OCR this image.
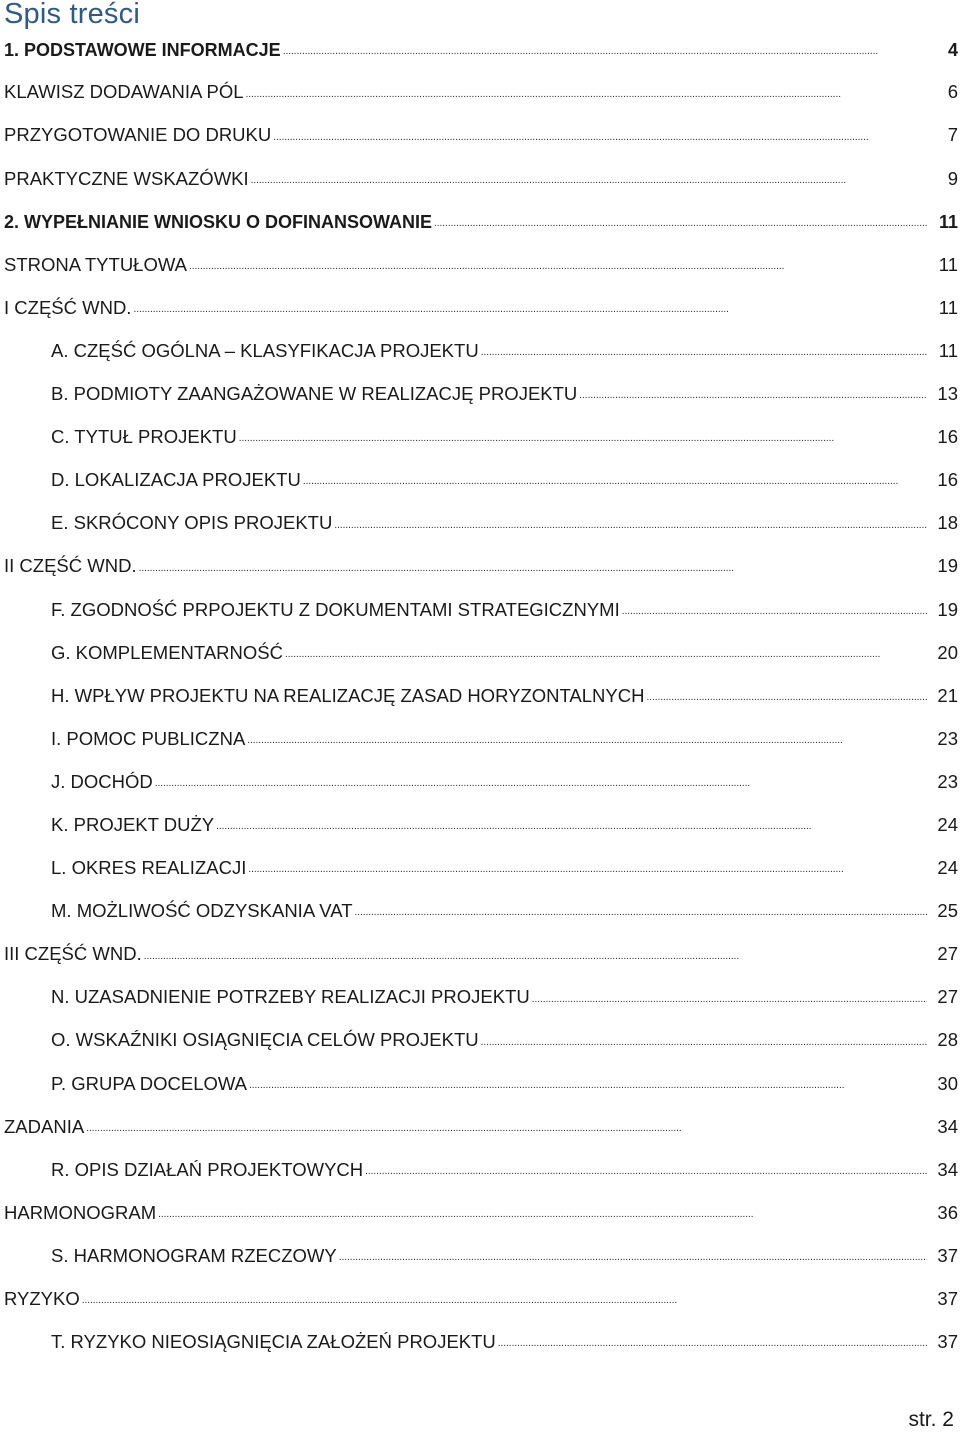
Spis treści
1. PODSTAWOWE INFORMACJE . . .	4
KLAWISZ DODAWANIA PÓL . . .	6
PRZYGOTOWANIE DO DRUKU . . .	7
PRAKTYCZNE WSKAZÓWKI . . .	9
2. WYPEŁNIANIE WNIOSKU O DOFINANSOWANIE . . .	11
STRONA TYTUŁOWA . . .	11
I CZĘŚĆ WND. . . .	11
A. CZĘŚĆ OGÓLNA – KLASYFIKACJA PROJEKTU . . .	11
B. PODMIOTY ZAANGAŻOWANE W REALIZACJĘ PROJEKTU . . .	13
C. TYTUŁ PROJEKTU . . .	16
D. LOKALIZACJA PROJEKTU . . .	16
E. SKRÓCONY OPIS PROJEKTU . . .	18
II CZĘŚĆ WND. . . .	19
F. ZGODNOŚĆ PRPOJEKTU Z DOKUMENTAMI STRATEGICZNYMI . . .	19
G. KOMPLEMENTARNOŚĆ . . .	20
H. WPŁYW PROJEKTU NA REALIZACJĘ ZASAD HORYZONTALNYCH . . .	21
I. POMOC PUBLICZNA . . .	23
J. DOCHÓD . . .	23
K. PROJEKT DUŻY . . .	24
L. OKRES REALIZACJI . . .	24
M. MOŻLIWOŚĆ ODZYSKANIA VAT . . .	25
III CZĘŚĆ WND. . . .	27
N. UZASADNIENIE POTRZEBY REALIZACJI PROJEKTU . . .	27
O. WSKAŹNIKI OSIĄGNIĘCIA CELÓW PROJEKTU . . .	28
P. GRUPA DOCELOWA . . .	30
ZADANIA . . .	34
R. OPIS DZIAŁAŃ PROJEKTOWYCH . . .	34
HARMONOGRAM . . .	36
S. HARMONOGRAM RZECZOWY . . .	37
RYZYKO . . .	37
T. RYZYKO NIEOSIĄGNIĘCIA ZAŁOŻEŃ PROJEKTU . . .	37
str. 2
